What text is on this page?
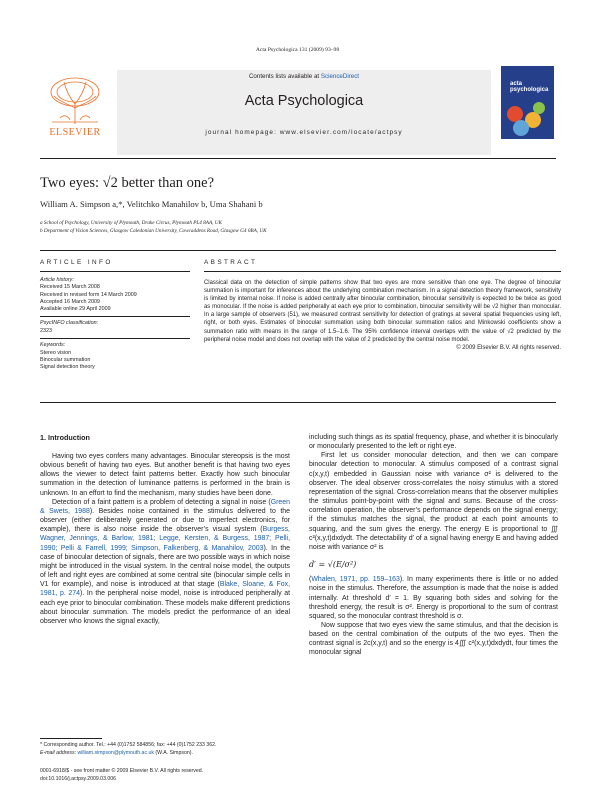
Acta Psychologica 131 (2009) 93–98
Contents lists available at ScienceDirect
Acta Psychologica
journal homepage: www.elsevier.com/locate/actpsy
ELSEVIER
acta psychologica
Two eyes: √2 better than one?
William A. Simpson a,*, Velitchko Manahilov b, Uma Shahani b
a School of Psychology, University of Plymouth, Drake Circus, Plymouth PL4 8AA, UK
b Department of Vision Sciences, Glasgow Caledonian University, Cowcaddens Road, Glasgow G4 0BA, UK
ARTICLE INFO
Article history:
Received 15 March 2008
Received in revised form 14 March 2009
Accepted 16 March 2009
Available online 29 April 2009
PsycINFO classification:
2323
Keywords:
Stereo vision
Binocular summation
Signal detection theory
ABSTRACT
Classical data on the detection of simple patterns show that two eyes are more sensitive than one eye. The degree of binocular summation is important for inferences about the underlying combination mechanism. In a signal detection theory framework, sensitivity is limited by internal noise. If noise is added centrally after binocular combination, binocular sensitivity is expected to be twice as good as monocular. If the noise is added peripherally at each eye prior to combination, binocular sensitivity will be √2 higher than monocular. In a large sample of observers (51), we measured contrast sensitivity for detection of gratings at several spatial frequencies using left, right, or both eyes. Estimates of binocular summation using both binocular summation ratios and Minkowski coefficients show a summation ratio with means in the range of 1.5–1.6. The 95% confidence interval overlaps with the value of √2 predicted by the peripheral noise model and does not overlap with the value of 2 predicted by the central noise model.
© 2009 Elsevier B.V. All rights reserved.
1. Introduction

Having two eyes confers many advantages. Binocular stereopsis is the most obvious benefit of having two eyes. But another benefit is that having two eyes allows the viewer to detect faint patterns better. Exactly how such binocular summation in the detection of luminance patterns is performed in the brain is unknown. In an effort to find the mechanism, many studies have been done.

Detection of a faint pattern is a problem of detecting a signal in noise (Green & Swets, 1988). Besides noise contained in the stimulus delivered to the observer (either deliberately generated or due to imperfect electronics, for example), there is also noise inside the observer’s visual system (Burgess, Wagner, Jennings, & Barlow, 1981; Legge, Kersten, & Burgess, 1987; Pelli, 1990; Pelli & Farrell, 1999; Simpson, Falkenberg, & Manahilov, 2003). In the case of binocular detection of signals, there are two possible ways in which noise might be introduced in the visual system. In the central noise model, the outputs of left and right eyes are combined at some central site (binocular simple cells in V1 for example), and noise is introduced at that stage (Blake, Sloane, & Fox, 1981, p. 274). In the peripheral noise model, noise is introduced peripherally at each eye prior to binocular combination. These models make different predictions about binocular summation. The models predict the performance of an ideal observer who knows the signal exactly,

including such things as its spatial frequency, phase, and whether it is binocularly or monocularly presented to the left or right eye.

First let us consider monocular detection, and then we can compare binocular detection to monocular. A stimulus composed of a contrast signal c(x,y,t) embedded in Gaussian noise with variance σ² is delivered to the observer. The ideal observer cross-correlates the noisy stimulus with a stored representation of the signal. Cross-correlation means that the observer multiplies the stimulus point-by-point with the signal and sums. Because of the cross-correlation operation, the observer’s performance depends on the signal energy; if the stimulus matches the signal, the product at each point amounts to squaring, and the sum gives the energy. The energy E is proportional to ∭ c²(x,y,t)dxdydt. The detectability d′ of a signal having energy E and having added noise with variance σ² is

d′ = √(E/σ²)

(Whalen, 1971, pp. 159–163). In many experiments there is little or no added noise in the stimulus. Therefore, the assumption is made that the noise is added internally. At threshold d′ = 1. By squaring both sides and solving for the threshold energy, the result is σ². Energy is proportional to the sum of contrast squared, so the monocular contrast threshold is σ.

Now suppose that two eyes view the same stimulus, and that the decision is based on the central combination of the outputs of the two eyes. Then the contrast signal is 2c(x,y,t) and so the energy is 4∭ c²(x,y,t)dxdydt, four times the monocular signal

* Corresponding author. Tel.: +44 (0)1752 584856; fax: +44 (0)1752 233 362.
E-mail address: william.simpson@plymouth.ac.uk (W.A. Simpson).
0001-6918/$ - see front matter © 2009 Elsevier B.V. All rights reserved.
doi:10.1016/j.actpsy.2009.03.006
